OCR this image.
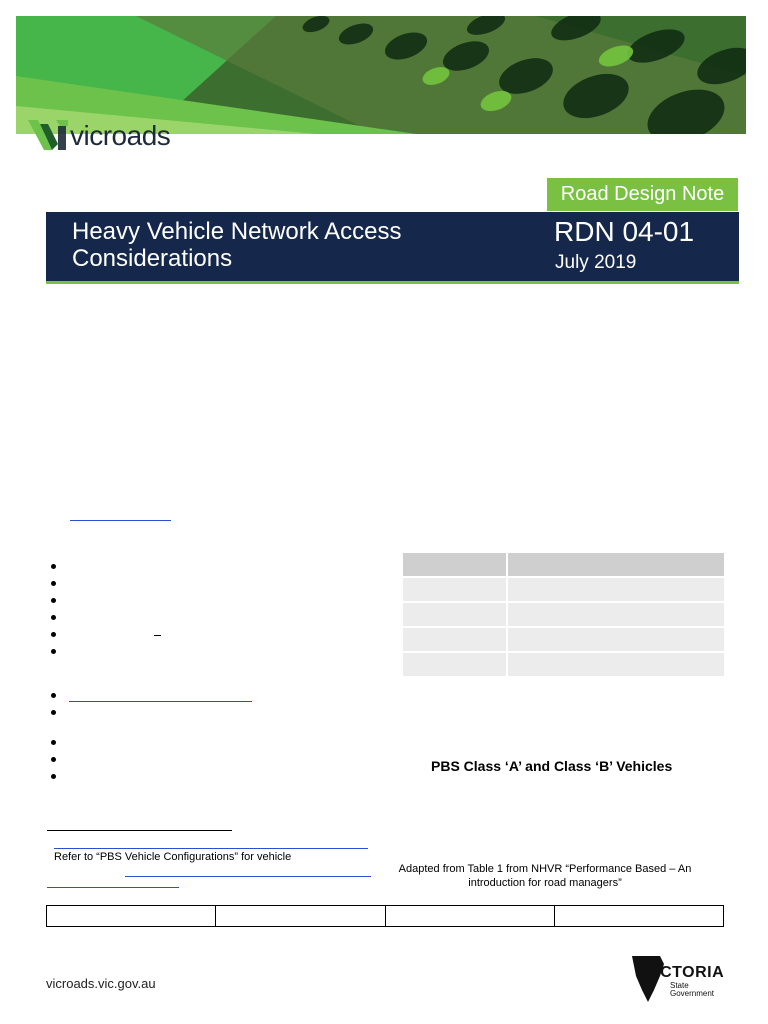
vicroads
Road Design Note
Heavy Vehicle Network Access
Considerations
RDN 04-01
July 2019

PBS Class ‘A’ and Class ‘B’ Vehicles
Refer to “PBS Vehicle Configurations” for vehicle
Adapted from Table 1 from NHVR “Performance Based – An introduction for road managers”
vicroads.vic.gov.au
VICTORIA
State Government
